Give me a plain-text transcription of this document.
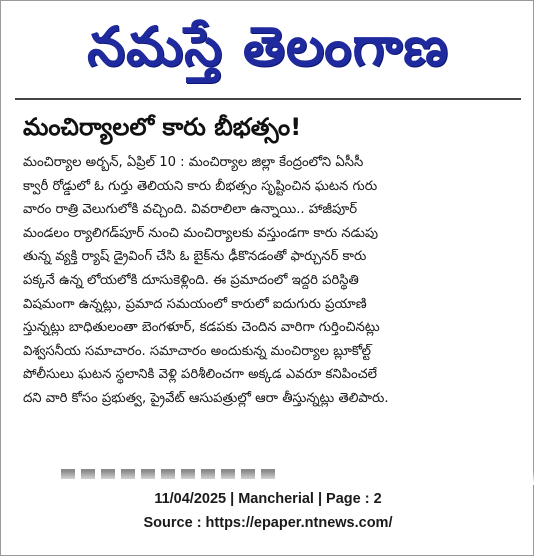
నమస్తే తెలంగాణ
మంచిర్యాలలో కారు బీభత్సం!
మంచిర్యాల అర్బన్, ఏప్రిల్ 10 : మంచిర్యాల జిల్లా కేంద్రంలోని ఏసీసీ
క్వారీ రోడ్డులో ఓ గుర్తు తెలియని కారు బీభత్సం సృష్టించిన ఘటన గురు
వారం రాత్రి వెలుగులోకి వచ్చింది. వివరాలిలా ఉన్నాయి.. హాజీపూర్
మండలం ర్యాలిగడ్‌పూర్ నుంచి మంచిర్యాలకు వస్తుండగా కారు నడుపు
తున్న వ్యక్తి ర్యాష్ డ్రైవింగ్ చేసి ఓ బైక్‌ను ఢీకొనడంతో ఫార్చునర్ కారు
పక్కనే ఉన్న లోయలోకి దూసుకెళ్లింది. ఈ ప్రమాదంలో ఇద్దరి పరిస్థితి
విషమంగా ఉన్నట్లు, ప్రమాద సమయంలో కారులో ఐదుగురు ప్రయాణి
స్తున్నట్లు బాధితులంతా బెంగళూర్, కడపకు చెందిన వారిగా గుర్తించినట్లు
విశ్వసనీయ సమాచారం. సమాచారం అందుకున్న మంచిర్యాల బ్లూకోల్ట్
పోలీసులు ఘటన స్థలానికి వెళ్లి పరిశీలించగా అక్కడ ఎవరూ కనిపించలే
దని వారి కోసం ప్రభుత్వ, ప్రైవేట్ ఆసుపత్రుల్లో ఆరా తీస్తున్నట్లు తెలిపారు.
11/04/2025 | Mancherial | Page : 2
Source : https://epaper.ntnews.com/
